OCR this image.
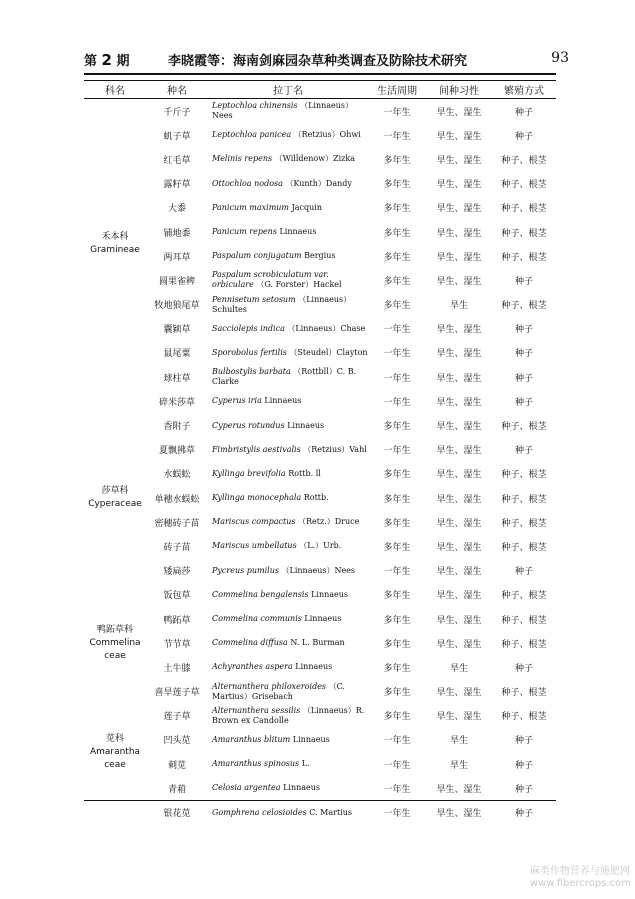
第 2 期	李晓霞等：海南剑麻园杂草种类调查及防除技术研究	93
科名	种名	拉丁名	生活周期	间种习性	繁殖方式

禾本科
Gramineae	千斤子	Leptochloa chinensis （Linnaeus）Nees	一年生	旱生、湿生	种子
	虮子草	Leptochloa panicea （Retzius）Ohwi	一年生	旱生、湿生	种子
	红毛草	Melinis repens （Willdenow）Zizka	多年生	旱生、湿生	种子、根茎
	露籽草	Ottochloa nodosa （Kunth）Dandy	多年生	旱生、湿生	种子、根茎
	大黍	Panicum maximum Jacquin	多年生	旱生、湿生	种子、根茎
	铺地黍	Panicum repens Linnaeus	多年生	旱生、湿生	种子、根茎
	两耳草	Paspalum conjugatum Bergius	多年生	旱生、湿生	种子、根茎
	圆果雀稗	Paspalum scrobiculatum var. orbiculare （G. Forster）Hackel	多年生	旱生、湿生	种子
	牧地狼尾草	Pennisetum setosum （Linnaeus）Schultes	多年生	旱生	种子、根茎
	囊颖草	Sacciolepis indica （Linnaeus）Chase	一年生	旱生、湿生	种子
	鼠尾粟	Sporobolus fertilis （Steudel）Clayton	一年生	旱生、湿生	种子
	球柱草	Bulbostylis barbata （Rottbll）C. B. Clarke	一年生	旱生、湿生	种子

莎草科
Cyperaceae	碎米莎草	Cyperus iria Linnaeus	一年生	旱生、湿生	种子
	香附子	Cyperus rotundus Linnaeus	多年生	旱生、湿生	种子、根茎
	夏飘拂草	Fimbristylis aestivalis （Retzius）Vahl	一年生	旱生、湿生	种子
	水蜈蚣	Kyllinga brevifolia Rottb. ll	多年生	旱生、湿生	种子、根茎
	单穗水蜈蚣	Kyllinga monocephala Rottb.	多年生	旱生、湿生	种子、根茎
	密穗砖子苗	Mariscus compactus （Retz.）Druce	多年生	旱生、湿生	种子、根茎
	砖子苗	Mariscus umbellatus （L.）Urb.	多年生	旱生、湿生	种子、根茎
	矮扁莎	Pycreus pumilus （Linnaeus）Nees	一年生	旱生、湿生	种子
	饭包草	Commelina bengalensis Linnaeus	多年生	旱生、湿生	种子、根茎

鸭跖草科
Commelina ceae	鸭跖草	Commelina communis Linnaeus	多年生	旱生、湿生	种子、根茎
	节节草	Commelina diffusa N. L. Burman	多年生	旱生、湿生	种子、根茎
	土牛膝	Achyranthes aspera Linnaeus	多年生	旱生	种子

苋科
Amarantha ceae	喜旱莲子草	Alternanthera philoxeroides （C. Martius）Grisebach	多年生	旱生、湿生	种子、根茎
	莲子草	Alternanthera sessilis （Linnaeus）R. Brown ex Candolle	多年生	旱生、湿生	种子、根茎
	凹头苋	Amaranthus blitum Linnaeus	一年生	旱生	种子
	刺苋	Amaranthus spinosus L.	一年生	旱生	种子
	青葙	Celosia argentea Linnaeus	一年生	旱生、湿生	种子
	银花苋	Gomphrena celosioides C. Martius	一年生	旱生、湿生	种子
麻类作物营养与施肥网
www.fibercrops.com
